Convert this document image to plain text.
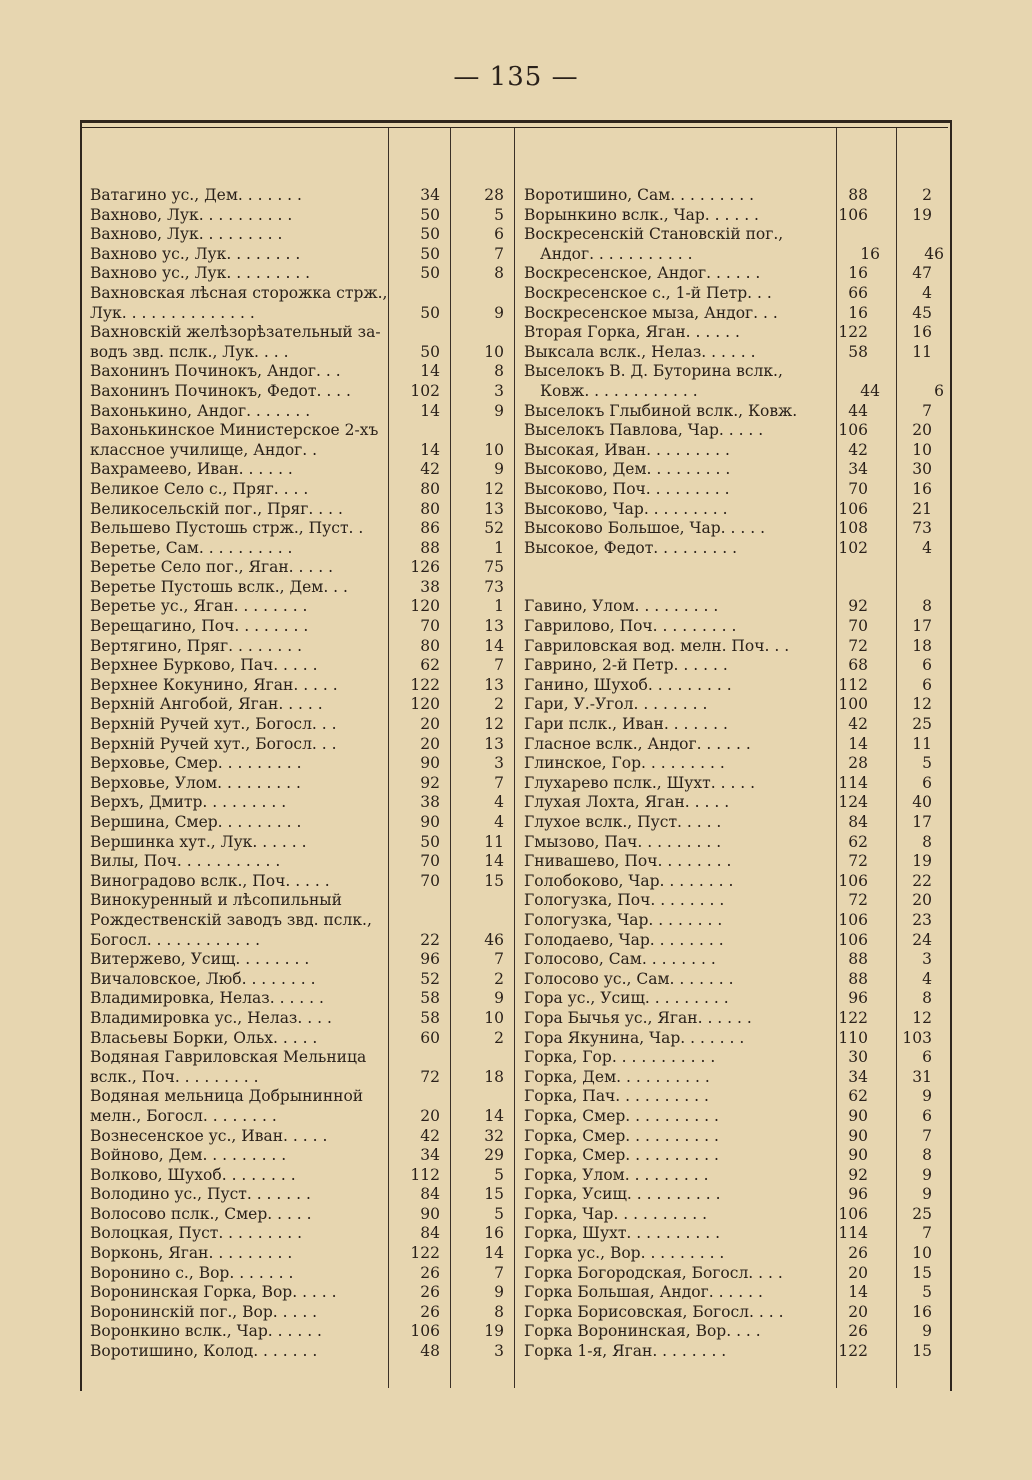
— 135 —
Ватагино ус., Дем. . . . . . .	34	28
Вахново, Лук. . . . . . . . . .	50	5
Вахново, Лук. . . . . . . . .	50	6
Вахново ус., Лук. . . . . . . .	50	7
Вахново ус., Лук. . . . . . . . .	50	8
Вахновская лѣсная сторожка стрж.,
Лук. . . . . . . . . . . . . .	50	9
Вахновскій желѣзорѣзательный за-
водъ звд. пслк., Лук. . . .	50	10
Вахонинъ Починокъ, Андог. . .	14	8
Вахонинъ Починокъ, Федот. . . .	102	3
Вахонькино, Андог. . . . . . .	14	9
Вахонькинское Министерское 2-хъ
классное училище, Андог. .	14	10
Вахрамеево, Иван. . . . . .	42	9
Великое Село с., Пряг. . . .	80	12
Великосельскій пог., Пряг. . . .	80	13
Вельшево Пустошь стрж., Пуст. .	86	52
Веретье, Сам. . . . . . . . . .	88	1
Веретье Село пог., Яган. . . . .	126	75
Веретье Пустошь вслк., Дем. . .	38	73
Веретье ус., Яган. . . . . . . .	120	1
Верещагино, Поч. . . . . . . .	70	13
Вертягино, Пряг. . . . . . . .	80	14
Верхнее Бурково, Пач. . . . .	62	7
Верхнее Кокунино, Яган. . . . .	122	13
Верхній Ангобой, Яган. . . . .	120	2
Верхній Ручей хут., Богосл. . .	20	12
Верхній Ручей хут., Богосл. . .	20	13
Верховье, Смер. . . . . . . . .	90	3
Верховье, Улом. . . . . . . . .	92	7
Верхъ, Дмитр. . . . . . . . .	38	4
Вершина, Смер. . . . . . . . .	90	4
Вершинка хут., Лук. . . . . .	50	11
Вилы, Поч. . . . . . . . . . .	70	14
Виноградово вслк., Поч. . . . .	70	15
Винокуренный и лѣсопильный
Рождественскій заводъ звд. пслк.,
Богосл. . . . . . . . . . . .	22	46
Витержево, Усищ. . . . . . . .	96	7
Вичаловское, Люб. . . . . . . .	52	2
Владимировка, Нелаз. . . . . .	58	9
Владимировка ус., Нелаз. . . .	58	10
Власьевы Борки, Ольх. . . . .	60	2
Водяная Гавриловская Мельница
вслк., Поч. . . . . . . . .	72	18
Водяная мельница Добрынинной
мелн., Богосл. . . . . . . .	20	14
Вознесенское ус., Иван. . . . .	42	32
Войново, Дем. . . . . . . . .	34	29
Волково, Шухоб. . . . . . . .	112	5
Володино ус., Пуст. . . . . . .	84	15
Волосово пслк., Смер. . . . .	90	5
Волоцкая, Пуст. . . . . . . . .	84	16
Ворконь, Яган. . . . . . . . .	122	14
Воронино с., Вор. . . . . . .	26	7
Воронинская Горка, Вор. . . . .	26	9
Воронинскій пог., Вор. . . . .	26	8
Воронкино вслк., Чар. . . . . .	106	19
Воротишино, Колод. . . . . . .	48	3
Воротишино, Сам. . . . . . . . .	88	2
Ворынкино вслк., Чар. . . . . .	106	19
Воскресенскій Становскій пог.,
Андог. . . . . . . . . . .	16	46
Воскресенское, Андог. . . . . .	16	47
Воскресенское с., 1-й Петр. . .	66	4
Воскресенское мыза, Андог. . .	16	45
Вторая Горка, Яган. . . . . .	122	16
Выксала вслк., Нелаз. . . . . .	58	11
Выселокъ В. Д. Буторина вслк.,
Ковж. . . . . . . . . . . .	44	6
Выселокъ Глыбиной вслк., Ковж.	44	7
Выселокъ Павлова, Чар. . . . .	106	20
Высокая, Иван. . . . . . . . .	42	10
Высоково, Дем. . . . . . . . .	34	30
Высоково, Поч. . . . . . . . .	70	16
Высоково, Чар. . . . . . . . .	106	21
Высоково Большое, Чар. . . . .	108	73
Высокое, Федот. . . . . . . . .	102	4
Гавино, Улом. . . . . . . . .	92	8
Гаврилово, Поч. . . . . . . . .	70	17
Гавриловская вод. мелн. Поч. . .	72	18
Гаврино, 2-й Петр. . . . . .	68	6
Ганино, Шухоб. . . . . . . . .	112	6
Гари, У.-Угол. . . . . . . .	100	12
Гари пслк., Иван. . . . . . .	42	25
Гласное вслк., Андог. . . . . .	14	11
Глинское, Гор. . . . . . . . .	28	5
Глухарево пслк., Шухт. . . . .	114	6
Глухая Лохта, Яган. . . . .	124	40
Глухое вслк., Пуст. . . . .	84	17
Гмызово, Пач. . . . . . . . .	62	8
Гнивашево, Поч. . . . . . . .	72	19
Голобоково, Чар. . . . . . . .	106	22
Гологузка, Поч. . . . . . . .	72	20
Гологузка, Чар. . . . . . . .	106	23
Голодаево, Чар. . . . . . . .	106	24
Голосово, Сам. . . . . . . .	88	3
Голосово ус., Сам. . . . . . .	88	4
Гора ус., Усищ. . . . . . . . .	96	8
Гора Бычья ус., Яган. . . . . .	122	12
Гора Якунина, Чар. . . . . . .	110	103
Горка, Гор. . . . . . . . . . .	30	6
Горка, Дем. . . . . . . . . .	34	31
Горка, Пач. . . . . . . . . .	62	9
Горка, Смер. . . . . . . . . .	90	6
Горка, Смер. . . . . . . . . .	90	7
Горка, Смер. . . . . . . . . .	90	8
Горка, Улом. . . . . . . . .	92	9
Горка, Усищ. . . . . . . . . .	96	9
Горка, Чар. . . . . . . . . .	106	25
Горка, Шухт. . . . . . . . . .	114	7
Горка ус., Вор. . . . . . . . .	26	10
Горка Богородская, Богосл. . . .	20	15
Горка Большая, Андог. . . . . .	14	5
Горка Борисовская, Богосл. . . .	20	16
Горка Воронинская, Вор. . . .	26	9
Горка 1-я, Яган. . . . . . . .	122	15
